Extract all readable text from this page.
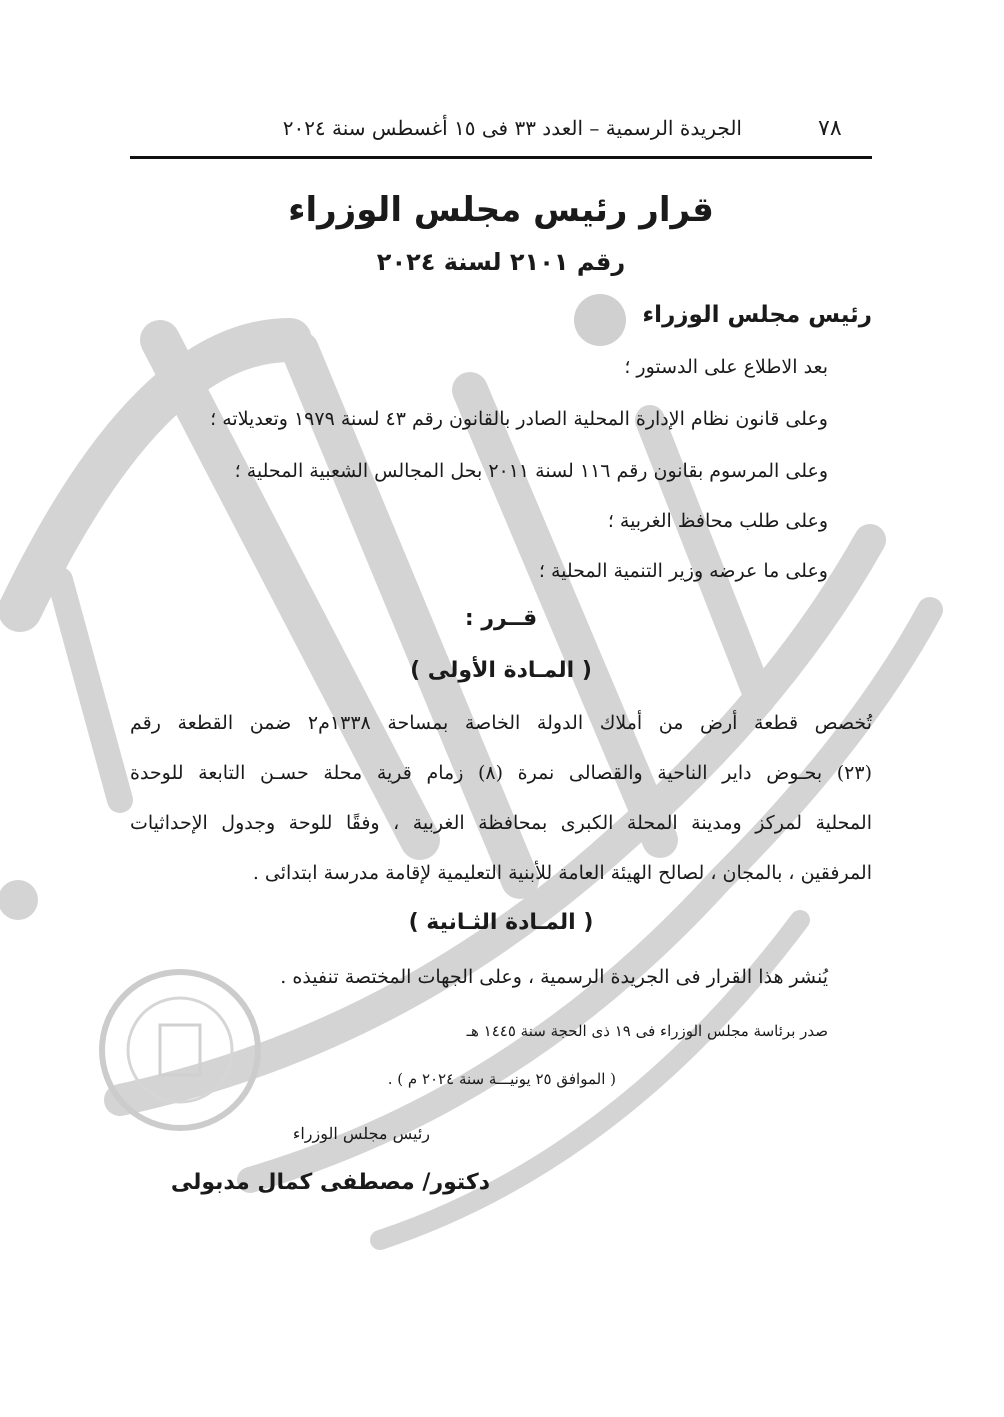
٧٨
الجريدة الرسمية – العدد ٣٣ فى ١٥ أغسطس سنة ٢٠٢٤
قرار رئيس مجلس الوزراء
رقم ٢١٠١ لسنة ٢٠٢٤
رئيس مجلس الوزراء
بعد الاطلاع على الدستور ؛
وعلى قانون نظام الإدارة المحلية الصادر بالقانون رقم ٤٣ لسنة ١٩٧٩ وتعديلاته ؛
وعلى المرسوم بقانون رقم ١١٦ لسنة ٢٠١١ بحل المجالس الشعبية المحلية ؛
وعلى طلب محافظ الغربية ؛
وعلى ما عرضه وزير التنمية المحلية ؛
قــرر :
( المـادة الأولى )
تُخصص قطعة أرض من أملاك الدولة الخاصة بمساحة ١٣٣٨م٢ ضمن القطعة رقم
(٢٣) بحـوض داير الناحية والقصالى نمرة (٨) زمام قرية محلة حسـن التابعة للوحدة
المحلية لمركز ومدينة المحلة الكبرى بمحافظة الغربية ، وفقًا للوحة وجدول الإحداثيات
المرفقين ، بالمجان ، لصالح الهيئة العامة للأبنية التعليمية لإقامة مدرسة ابتدائى .
( المـادة الثـانية )
يُنشر هذا القرار فى الجريدة الرسمية ، وعلى الجهات المختصة تنفيذه .
صدر برئاسة مجلس الوزراء فى ١٩ ذى الحجة سنة ١٤٤٥ هـ
( الموافق ٢٥ يونيـــة سنة ٢٠٢٤ م ) .
رئيس مجلس الوزراء
دكتور/ مصطفى كمال مدبولى
